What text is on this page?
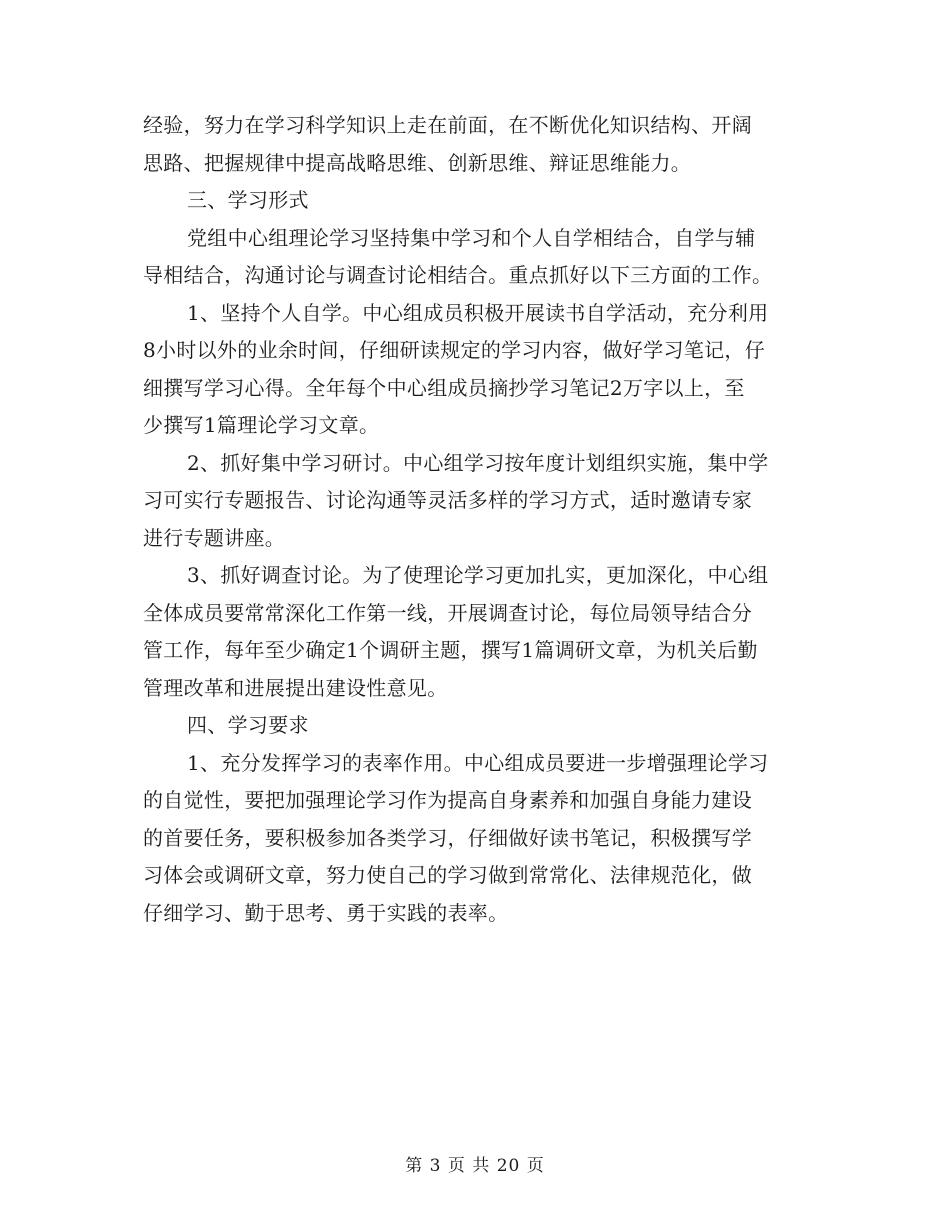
经验，努力在学习科学知识上走在前面，在不断优化知识结构、开阔
思路、把握规律中提高战略思维、创新思维、辩证思维能力。
三、学习形式
党组中心组理论学习坚持集中学习和个人自学相结合，自学与辅
导相结合，沟通讨论与调查讨论相结合。重点抓好以下三方面的工作。
1、坚持个人自学。中心组成员积极开展读书自学活动，充分利用
8小时以外的业余时间，仔细研读规定的学习内容，做好学习笔记，仔
细撰写学习心得。全年每个中心组成员摘抄学习笔记2万字以上，至
少撰写1篇理论学习文章。
2、抓好集中学习研讨。中心组学习按年度计划组织实施，集中学
习可实行专题报告、讨论沟通等灵活多样的学习方式，适时邀请专家
进行专题讲座。
3、抓好调查讨论。为了使理论学习更加扎实，更加深化，中心组
全体成员要常常深化工作第一线，开展调查讨论，每位局领导结合分
管工作，每年至少确定1个调研主题，撰写1篇调研文章，为机关后勤
管理改革和进展提出建设性意见。
四、学习要求
1、充分发挥学习的表率作用。中心组成员要进一步增强理论学习
的自觉性，要把加强理论学习作为提高自身素养和加强自身能力建设
的首要任务，要积极参加各类学习，仔细做好读书笔记，积极撰写学
习体会或调研文章，努力使自己的学习做到常常化、法律规范化，做
仔细学习、勤于思考、勇于实践的表率。
第 3 页 共 20 页
